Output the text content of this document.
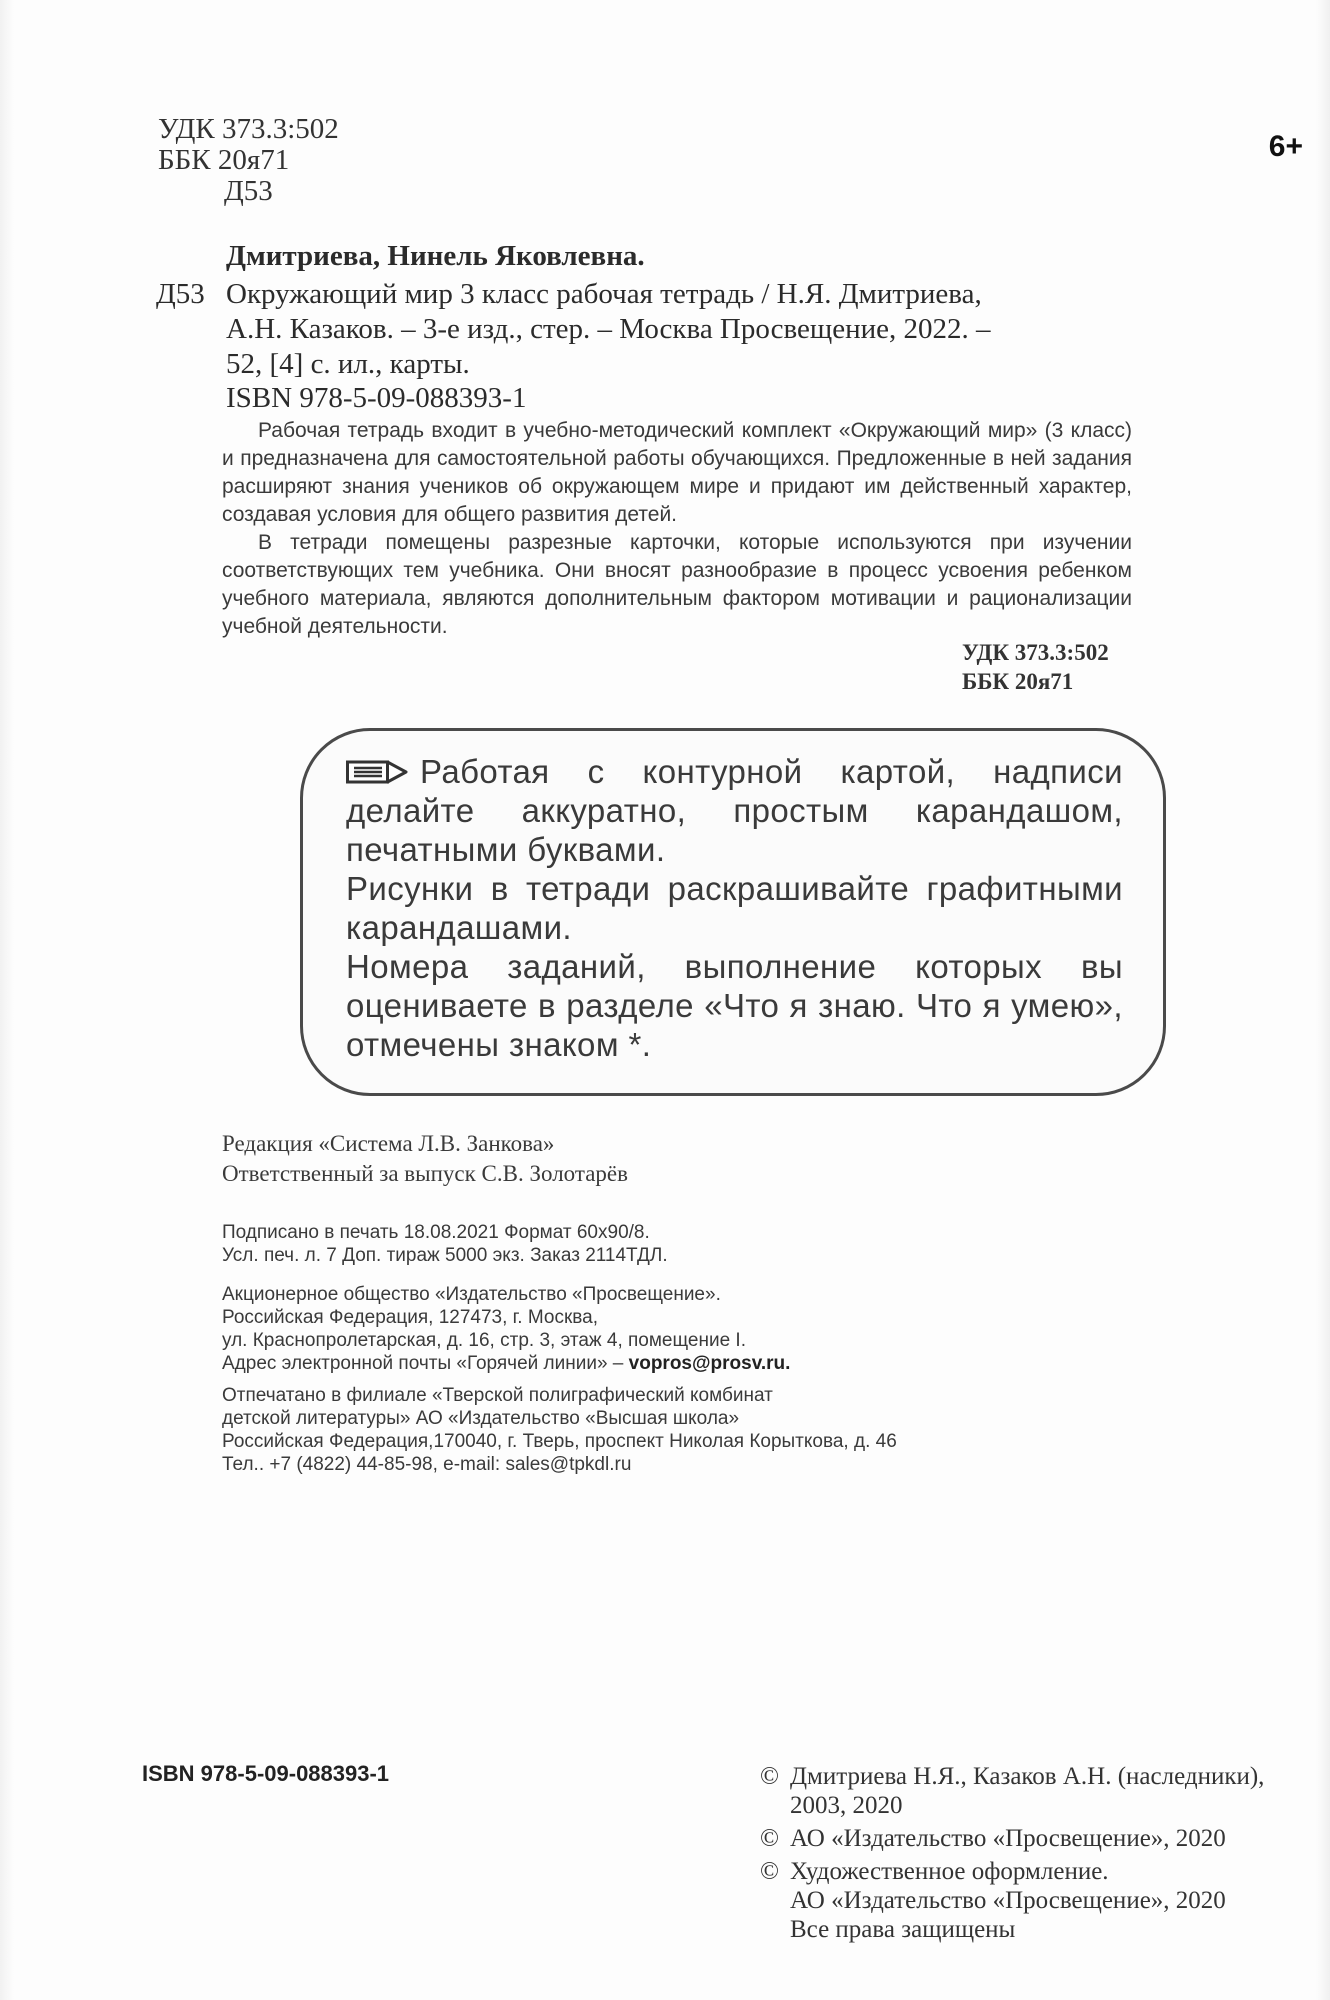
УДК 373.3:502
ББК 20я71
Д53
6+
Дмитриева, Нинель Яковлевна.
Д53 Окружающий мир 3 класс рабочая тетрадь / Н.Я. Дмитриева,
А.Н. Казаков. – 3-е изд., стер. – Москва Просвещение, 2022. –
52, [4] с. ил., карты.
ISBN 978-5-09-088393-1

Рабочая тетрадь входит в учебно-методический комплект «Окружающий мир» (3 класс) и предназначена для самостоятельной работы обучающихся. Предложенные в ней задания расширяют знания учеников об окружающем мире и придают им действенный характер, создавая условия для общего развития детей.

В тетради помещены разрезные карточки, которые используются при изучении соответствующих тем учебника. Они вносят разнообразие в процесс усвоения ребенком учебного материала, являются дополнительным фактором мотивации и рационализации учебной деятельности.

УДК 373.3:502
ББК 20я71

Работая с контурной картой, надписи делайте аккуратно, простым карандашом, печатными буквами.

Рисунки в тетради раскрашивайте графитными карандашами.

Номера заданий, выполнение которых вы оцениваете в разделе «Что я знаю. Что я умею», отмечены знаком *.

Редакция «Система Л.В. Занкова»
Ответственный за выпуск С.В. Золотарёв
Подписано в печать 18.08.2021 Формат 60x90/8.
Усл. печ. л. 7 Доп. тираж 5000 экз. Заказ 2114ТДЛ.
Акционерное общество «Издательство «Просвещение».
Российская Федерация, 127473, г. Москва,
ул. Краснопролетарская, д. 16, стр. 3, этаж 4, помещение I.
Адрес электронной почты «Горячей линии» – vopros@prosv.ru.
Отпечатано в филиале «Тверской полиграфический комбинат
детской литературы» АО «Издательство «Высшая школа»
Российская Федерация,170040, г. Тверь, проспект Николая Корыткова, д. 46
Тел.. +7 (4822) 44-85-98, e-mail: sales@tpkdl.ru
ISBN 978-5-09-088393-1	© Дмитриева Н.Я., Казаков А.Н. (наследники),
2003, 2020
© АО «Издательство «Просвещение», 2020
© Художественное оформление.
АО «Издательство «Просвещение», 2020
Все права защищены
